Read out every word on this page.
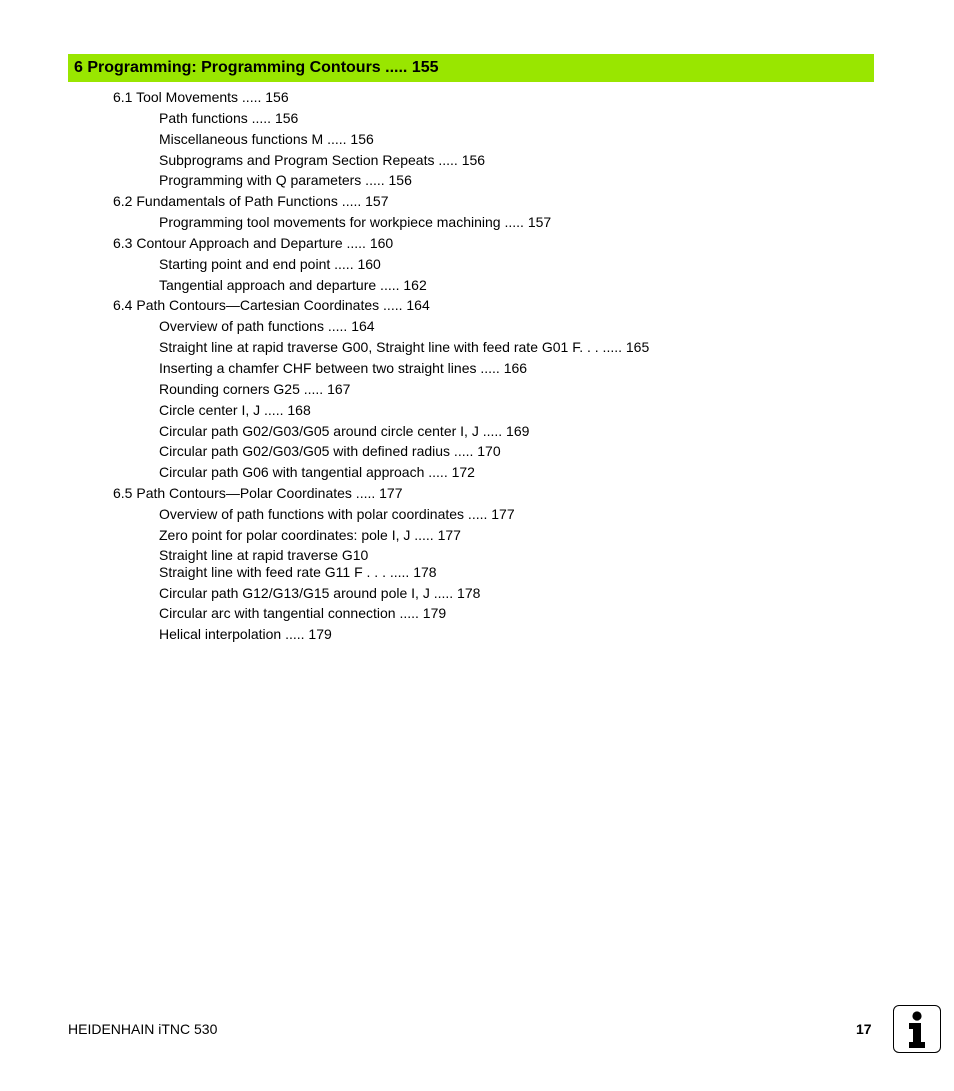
6 Programming: Programming Contours ..... 155
6.1 Tool Movements ..... 156
Path functions ..... 156
Miscellaneous functions M ..... 156
Subprograms and Program Section Repeats ..... 156
Programming with Q parameters ..... 156
6.2 Fundamentals of Path Functions ..... 157
Programming tool movements for workpiece machining ..... 157
6.3 Contour Approach and Departure ..... 160
Starting point and end point ..... 160
Tangential approach and departure ..... 162
6.4 Path Contours—Cartesian Coordinates ..... 164
Overview of path functions ..... 164
Straight line at rapid traverse G00, Straight line with feed rate G01 F. . . ..... 165
Inserting a chamfer CHF between two straight lines ..... 166
Rounding corners G25 ..... 167
Circle center I, J ..... 168
Circular path G02/G03/G05 around circle center I, J ..... 169
Circular path G02/G03/G05 with defined radius ..... 170
Circular path G06 with tangential approach ..... 172
6.5 Path Contours—Polar Coordinates ..... 177
Overview of path functions with polar coordinates ..... 177
Zero point for polar coordinates: pole I, J ..... 177
Straight line at rapid traverse G10
Straight line with feed rate G11 F . . . ..... 178
Circular path G12/G13/G15 around pole I, J ..... 178
Circular arc with tangential connection ..... 179
Helical interpolation ..... 179
HEIDENHAIN iTNC 530	17
